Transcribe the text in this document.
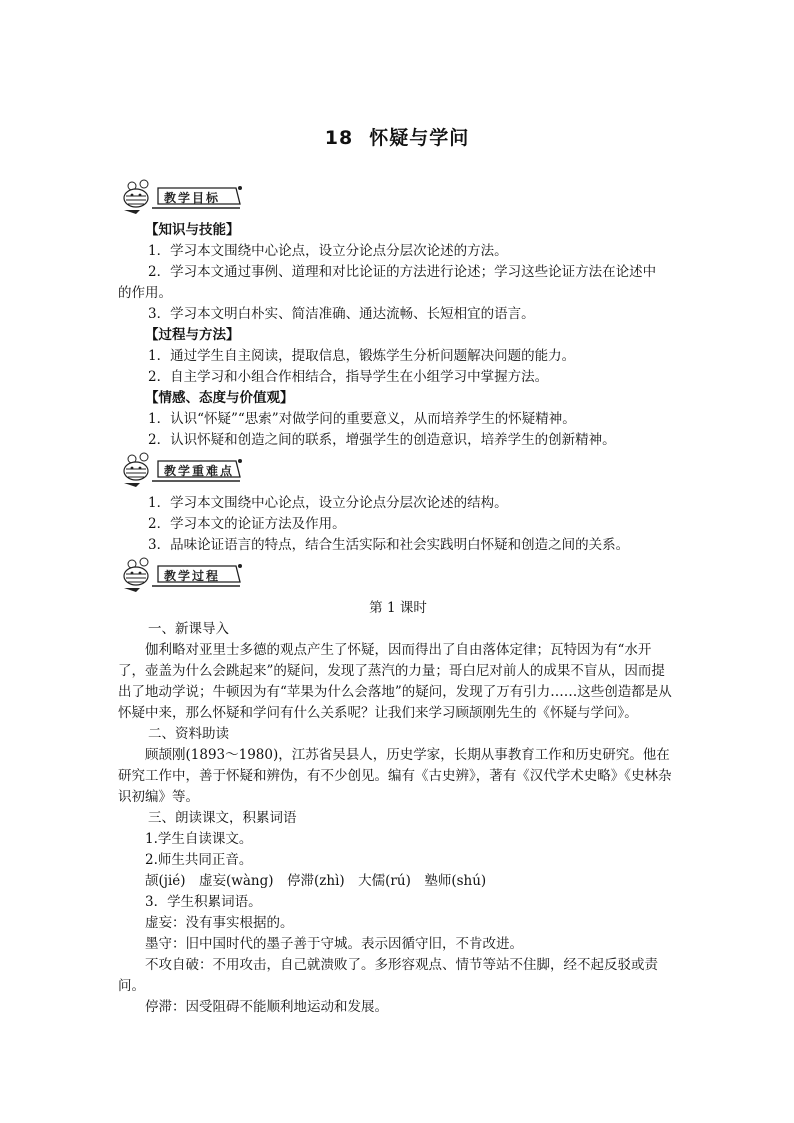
18 怀疑与学问
教学目标
【知识与技能】
1．学习本文围绕中心论点，设立分论点分层次论述的方法。
2．学习本文通过事例、道理和对比论证的方法进行论述；学习这些论证方法在论述中
的作用。
3．学习本文明白朴实、简洁准确、通达流畅、长短相宜的语言。
【过程与方法】
1．通过学生自主阅读，提取信息，锻炼学生分析问题解决问题的能力。
2．自主学习和小组合作相结合，指导学生在小组学习中掌握方法。
【情感、态度与价值观】
1．认识“怀疑”“思索”对做学问的重要意义，从而培养学生的怀疑精神。
2．认识怀疑和创造之间的联系，增强学生的创造意识，培养学生的创新精神。
教学重难点
1．学习本文围绕中心论点，设立分论点分层次论述的结构。
2．学习本文的论证方法及作用。
3．品味论证语言的特点，结合生活实际和社会实践明白怀疑和创造之间的关系。
教学过程
第 1 课时
一、新课导入
伽利略对亚里士多德的观点产生了怀疑，因而得出了自由落体定律；瓦特因为有“水开了，壶盖为什么会跳起来”的疑问，发现了蒸汽的力量；哥白尼对前人的成果不盲从，因而提出了地动学说；牛顿因为有“苹果为什么会落地”的疑问，发现了万有引力……这些创造都是从怀疑中来，那么怀疑和学问有什么关系呢？让我们来学习顾颉刚先生的《怀疑与学问》。
二、资料助读
顾颉刚(1893～1980)，江苏省吴县人，历史学家，长期从事教育工作和历史研究。他在研究工作中，善于怀疑和辨伪，有不少创见。编有《古史辨》，著有《汉代学术史略》《史林杂识初编》等。
三、朗读课文，积累词语
1.学生自读课文。
2.师生共同正音。
颉(jié)　虚妄(wàng)　停滞(zhì)　大儒(rú)　塾师(shú)
3．学生积累词语。
虚妄：没有事实根据的。
墨守：旧中国时代的墨子善于守城。表示因循守旧，不肯改进。
不攻自破：不用攻击，自己就溃败了。多形容观点、情节等站不住脚，经不起反驳或责问。
停滞：因受阻碍不能顺利地运动和发展。
